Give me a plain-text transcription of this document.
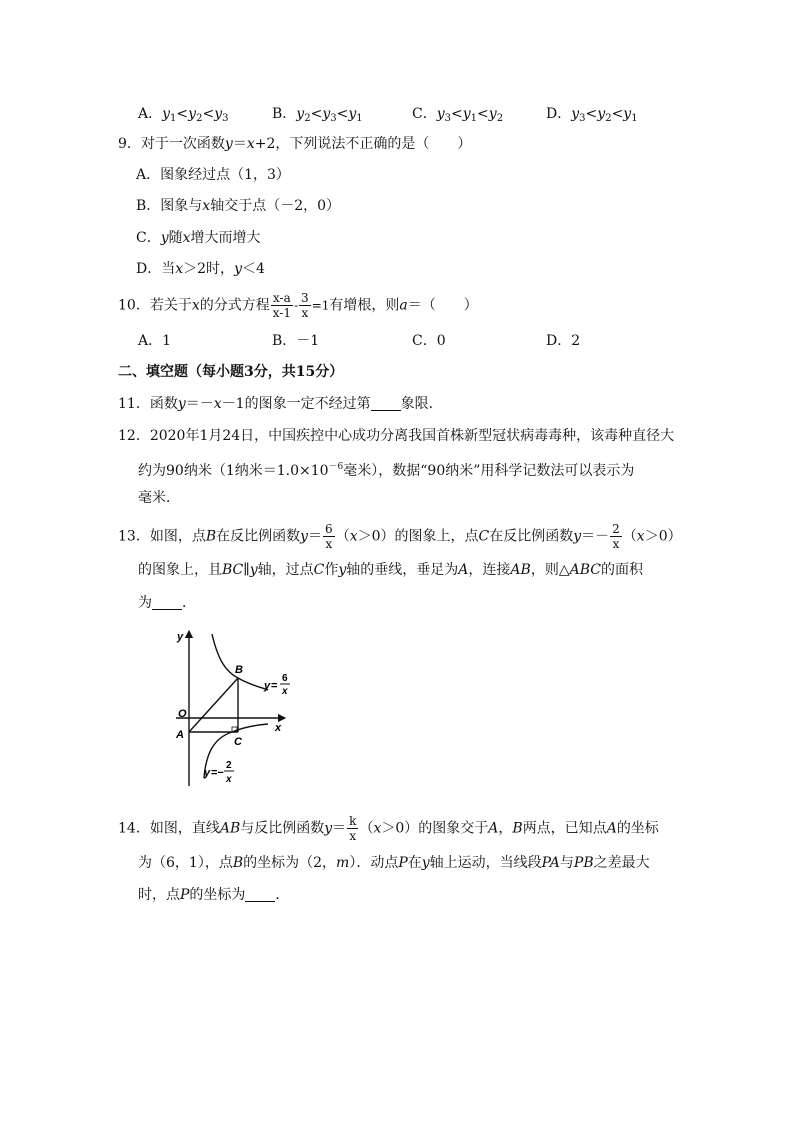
A．$y_1<y_2<y_3$	B．$y_2<y_3<y_1$	C．$y_3<y_1<y_2$	D．$y_3<y_2<y_1$
9．对于一次函数y＝x+2，下列说法不正确的是（　　）
A．图象经过点（1，3）
B．图象与x轴交于点（－2，0）
C．y随x增大而增大
D．当x＞2时，y＜4
10．若关于x的分式方程 $\frac{x-a}{x-1} - \frac{3}{x} =1$有增根，则a＝（　　）
A．1	B．－1	C．0	D．2
二、填空题（每小题3分，共15分）
11．函数y＝－x－1的图象一定不经过第 象限．
12．2020年1月24日，中国疾控中心成功分离我国首株新型冠状病毒毒种，该毒种直径大
约为90纳米（1纳米$=1.0\times 10^{-6}$毫米），数据“90纳米”用科学记数法可以表示为
毫米．
13．如图，点B在反比例函数$y= \frac{6}{x} (x>0)$的图象上，点C在反比例函数$y=- \frac{2}{x} (x>0)$
的图象上，且BC∥y轴，过点C作y轴的垂线，垂足为A，连接AB，则△ABC的面积
为 ．
y
x
O
A
B
C
y =
6
x
y =−
2
x
14．如图，直线AB与反比例函数$y= \frac{k}{x} (x>0)$的图象交于A，B两点，已知点A的坐标
为（6，1），点B的坐标为（2，m）．动点P在y轴上运动，当线段PA与PB之差最大
时，点P的坐标为 ．
